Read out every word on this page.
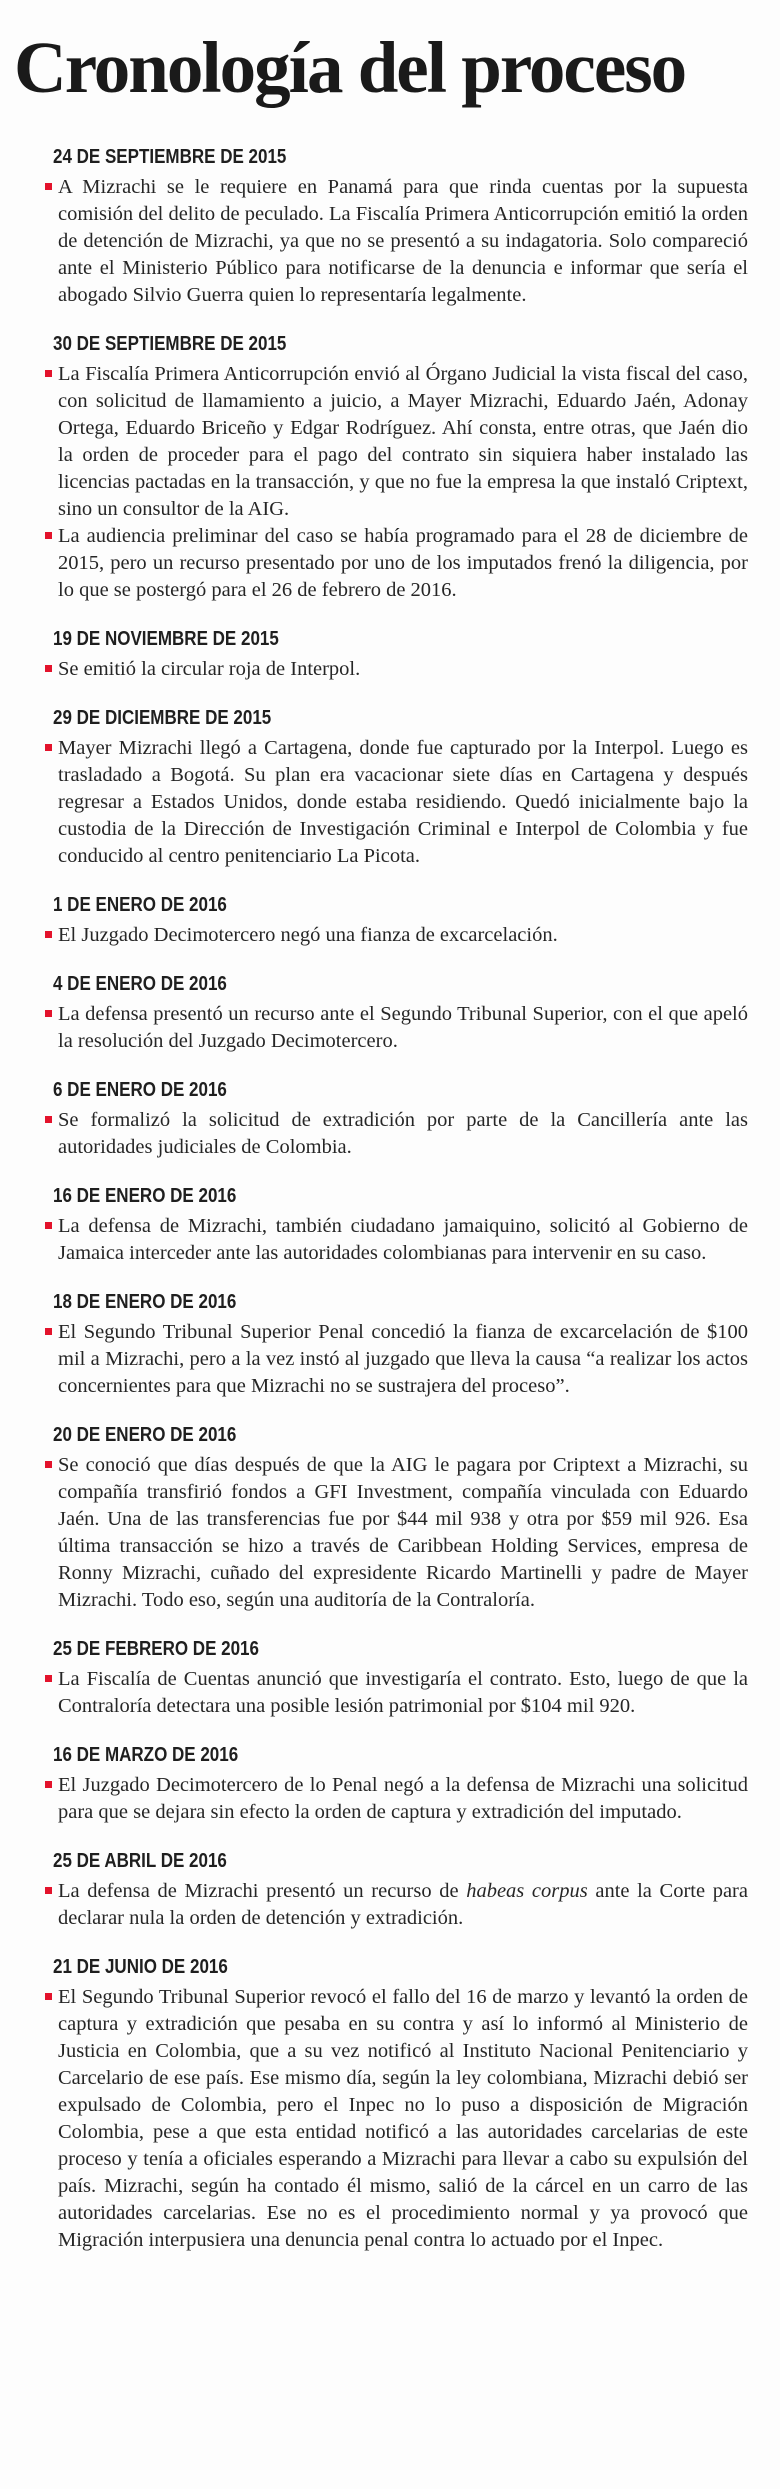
Cronología del proceso
24 DE SEPTIEMBRE DE 2015

A Mizrachi se le requiere en Panamá para que rinda cuentas por la supuesta comisión del delito de peculado. La Fiscalía Primera Anticorrupción emitió la orden de detención de Mizrachi, ya que no se presentó a su indagatoria. Solo compareció ante el Ministerio Público para notificarse de la denuncia e informar que sería el abogado Silvio Guerra quien lo representaría legalmente.

30 DE SEPTIEMBRE DE 2015

La Fiscalía Primera Anticorrupción envió al Órgano Judicial la vista fiscal del caso, con solicitud de llamamiento a juicio, a Mayer Mizrachi, Eduardo Jaén, Adonay Ortega, Eduardo Briceño y Edgar Rodríguez. Ahí consta, entre otras, que Jaén dio la orden de proceder para el pago del contrato sin siquiera haber instalado las licencias pactadas en la transacción, y que no fue la empresa la que instaló Criptext, sino un consultor de la AIG.

La audiencia preliminar del caso se había programado para el 28 de diciembre de 2015, pero un recurso presentado por uno de los imputados frenó la diligencia, por lo que se postergó para el 26 de febrero de 2016.

19 DE NOVIEMBRE DE 2015

Se emitió la circular roja de Interpol.

29 DE DICIEMBRE DE 2015

Mayer Mizrachi llegó a Cartagena, donde fue capturado por la Interpol. Luego es trasladado a Bogotá. Su plan era vacacionar siete días en Cartagena y después regresar a Estados Unidos, donde estaba residiendo. Quedó inicialmente bajo la custodia de la Dirección de Investigación Criminal e Interpol de Colombia y fue conducido al centro penitenciario La Picota.

1 DE ENERO DE 2016

El Juzgado Decimotercero negó una fianza de excarcelación.

4 DE ENERO DE 2016

La defensa presentó un recurso ante el Segundo Tribunal Superior, con el que apeló la resolución del Juzgado Decimotercero.

6 DE ENERO DE 2016

Se formalizó la solicitud de extradición por parte de la Cancillería ante las autoridades judiciales de Colombia.

16 DE ENERO DE 2016

La defensa de Mizrachi, también ciudadano jamaiquino, solicitó al Gobierno de Jamaica interceder ante las autoridades colombianas para intervenir en su caso.

18 DE ENERO DE 2016

El Segundo Tribunal Superior Penal concedió la fianza de excarcelación de $100 mil a Mizrachi, pero a la vez instó al juzgado que lleva la causa “a realizar los actos concernientes para que Mizrachi no se sustrajera del proceso”.

20 DE ENERO DE 2016

Se conoció que días después de que la AIG le pagara por Criptext a Mizrachi, su compañía transfirió fondos a GFI Investment, compañía vinculada con Eduardo Jaén. Una de las transferencias fue por $44 mil 938 y otra por $59 mil 926. Esa última transacción se hizo a través de Caribbean Holding Services, empresa de Ronny Mizrachi, cuñado del expresidente Ricardo Martinelli y padre de Mayer Mizrachi. Todo eso, según una auditoría de la Contraloría.

25 DE FEBRERO DE 2016

La Fiscalía de Cuentas anunció que investigaría el contrato. Esto, luego de que la Contraloría detectara una posible lesión patrimonial por $104 mil 920.

16 DE MARZO DE 2016

El Juzgado Decimotercero de lo Penal negó a la defensa de Mizrachi una solicitud para que se dejara sin efecto la orden de captura y extradición del imputado.

25 DE ABRIL DE 2016

La defensa de Mizrachi presentó un recurso de habeas corpus ante la Corte para declarar nula la orden de detención y extradición.

21 DE JUNIO DE 2016

El Segundo Tribunal Superior revocó el fallo del 16 de marzo y levantó la orden de captura y extradición que pesaba en su contra y así lo informó al Ministerio de Justicia en Colombia, que a su vez notificó al Instituto Nacional Penitenciario y Carcelario de ese país. Ese mismo día, según la ley colombiana, Mizrachi debió ser expulsado de Colombia, pero el Inpec no lo puso a disposición de Migración Colombia, pese a que esta entidad notificó a las autoridades carcelarias de este proceso y tenía a oficiales esperando a Mizrachi para llevar a cabo su expulsión del país. Mizrachi, según ha contado él mismo, salió de la cárcel en un carro de las autoridades carcelarias. Ese no es el procedimiento normal y ya provocó que Migración interpusiera una denuncia penal contra lo actuado por el Inpec.
